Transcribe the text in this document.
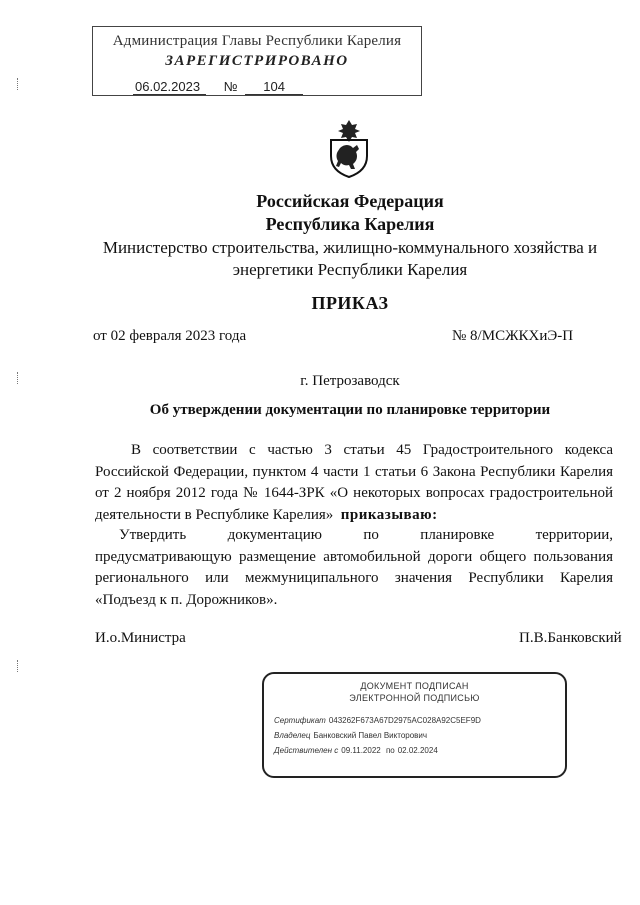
Администрация Главы Республики Карелия
ЗАРЕГИСТРИРОВАНО
06.02.2023 № 104
Российская Федерация
Республика Карелия
Министерство строительства, жилищно-коммунального хозяйства и
энергетики Республики Карелия
ПРИКАЗ
от 02 февраля 2023 года	№ 8/МСЖКХиЭ-П
г. Петрозаводск
Об утверждении документации по планировке территории
В соответствии с частью 3 статьи 45 Градостроительного кодекса
Российской Федерации, пунктом 4 части 1 статьи 6 Закона Республики Карелия
от 2 ноября 2012 года № 1644-ЗРК «О некоторых вопросах градостроительной
деятельности в Республике Карелия» приказываю:
Утвердить документацию по планировке территории,
предусматривающую размещение автомобильной дороги общего пользования
регионального или межмуниципального значения Республики Карелия
«Подъезд к п. Дорожников».
И.о.Министра	П.В.Банковский
ДОКУМЕНТ ПОДПИСАН
ЭЛЕКТРОННОЙ ПОДПИСЬЮ
Сертификат 043262F673A67D2975AC028A92C5EF9D
Владелец Банковский Павел Викторович
Действителен с 09.11.2022 по 02.02.2024
